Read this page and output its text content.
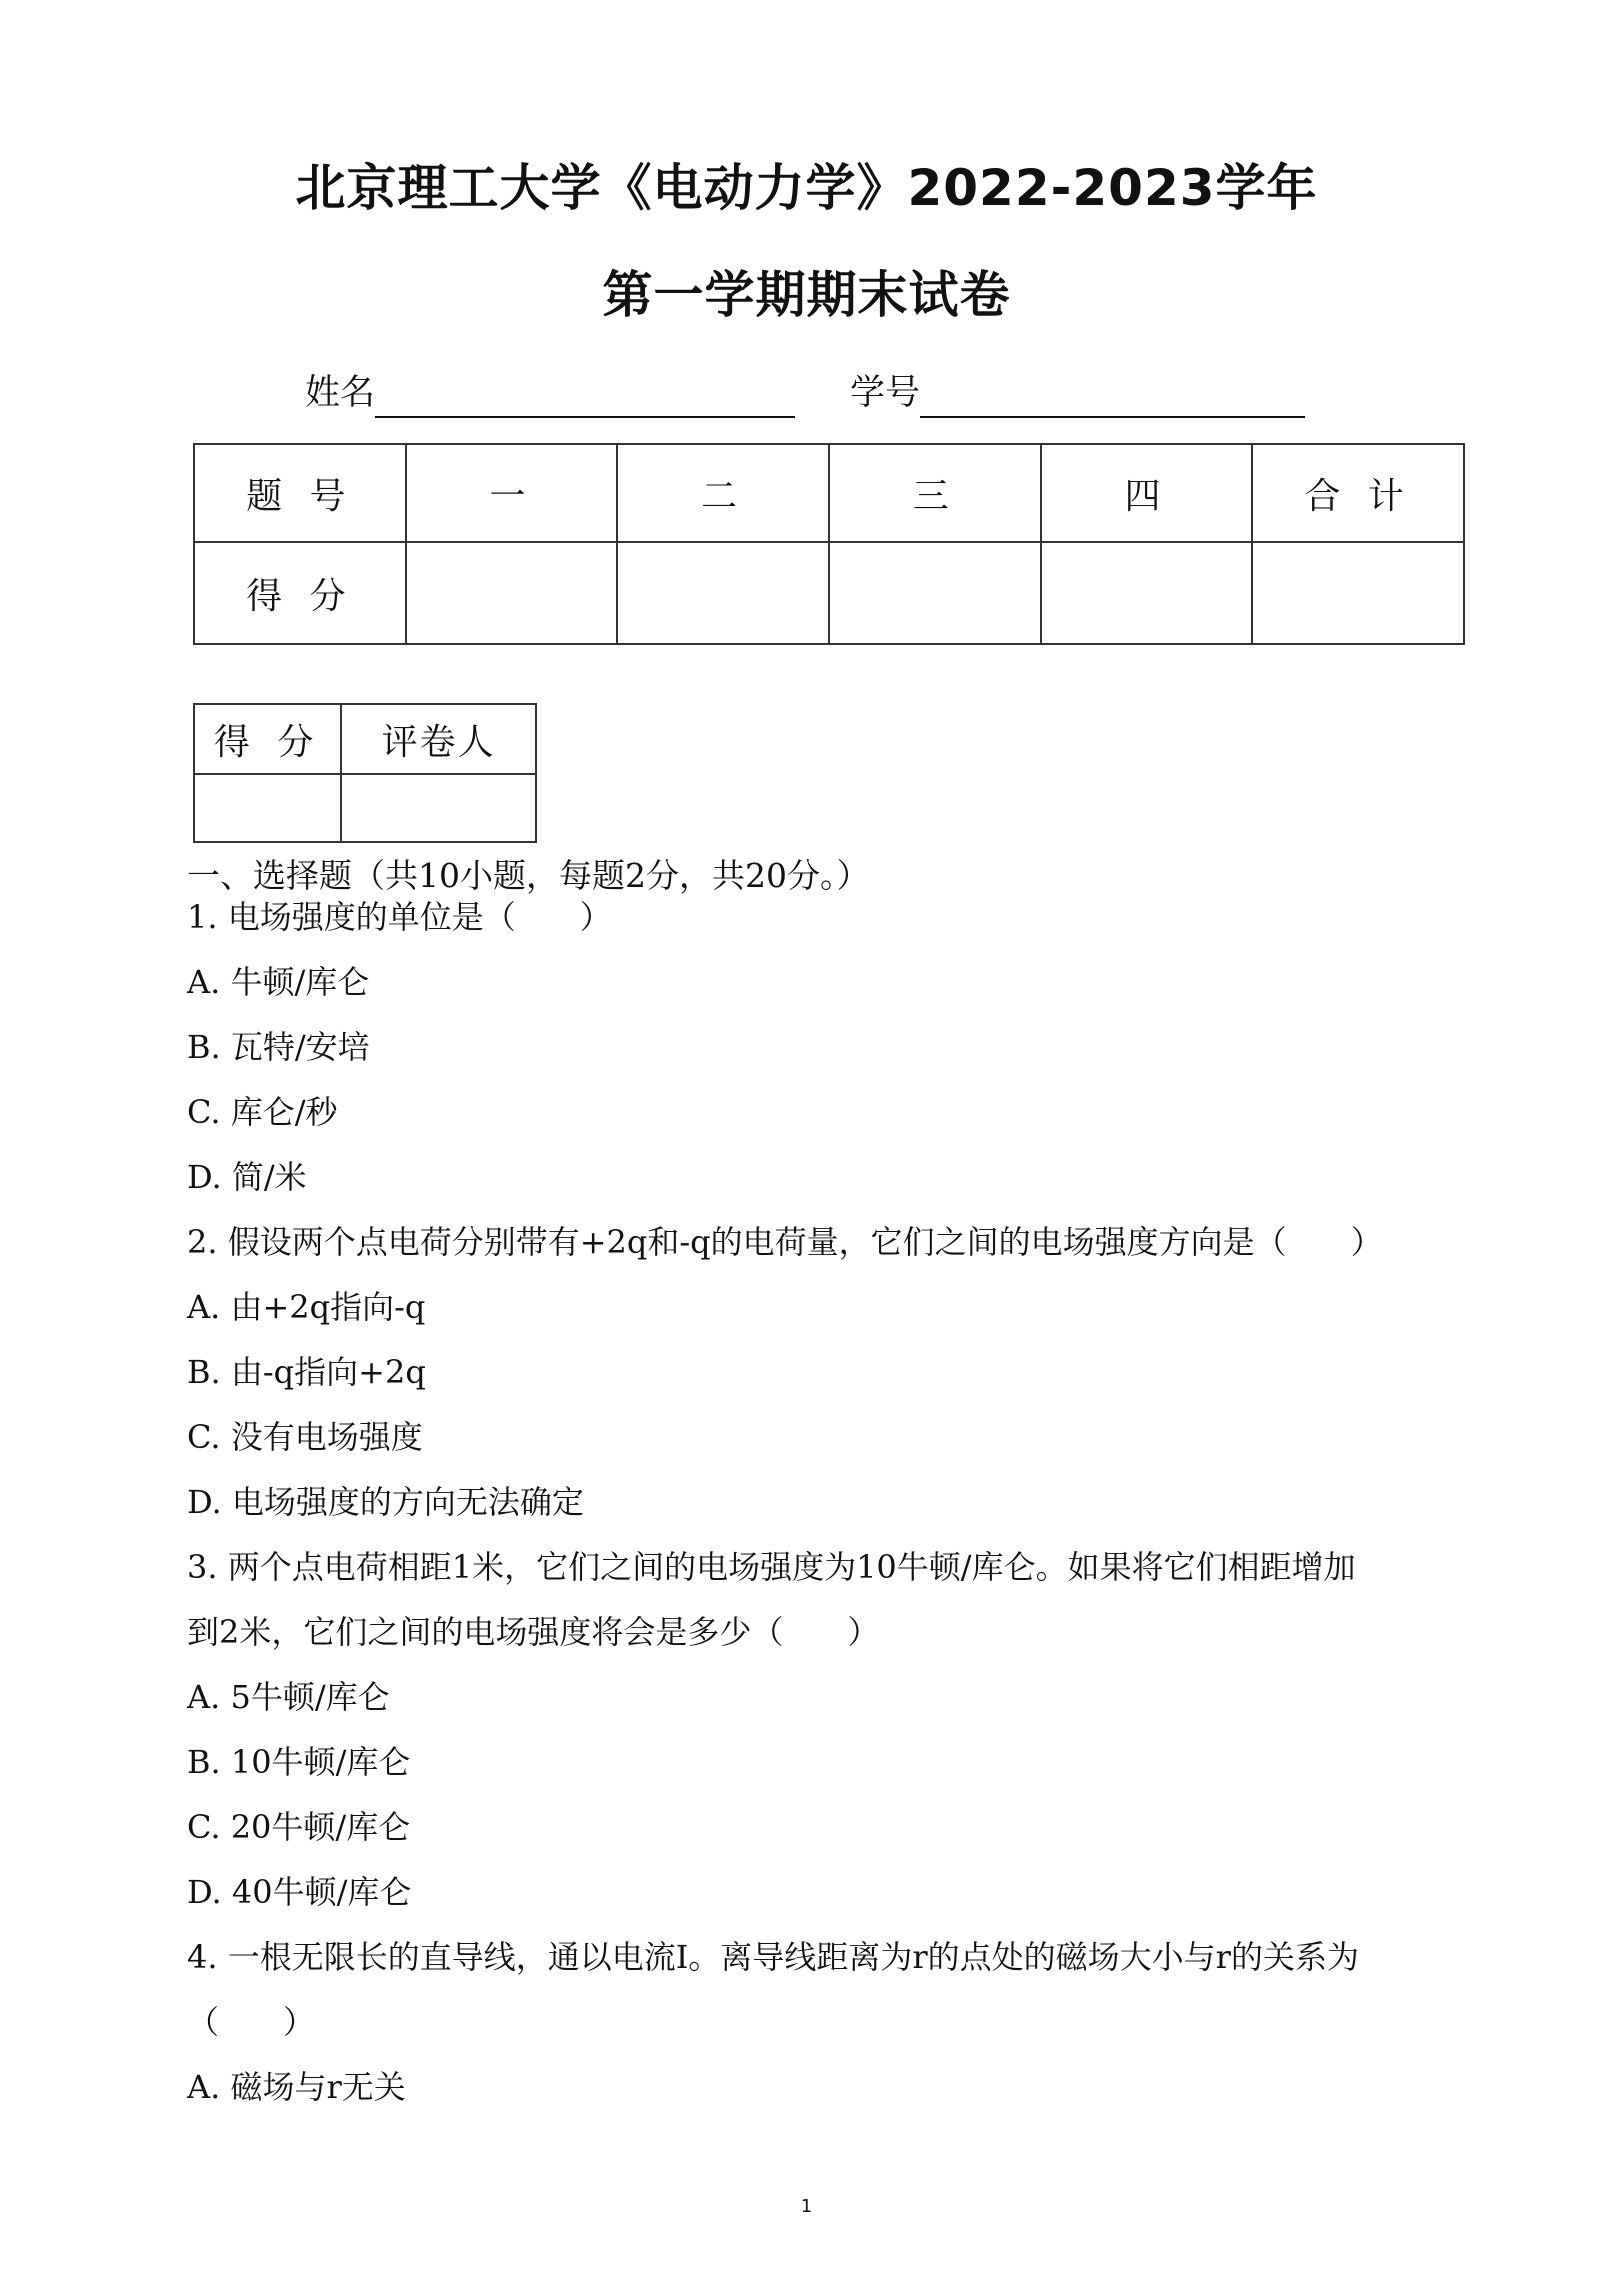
北京理工大学《电动力学》2022-2023学年
第一学期期末试卷
姓名	学号
题 号	一	二	三	四	合 计
得 分					
得 分	评卷人

一、选择题（共10小题，每题2分，共20分。）
1. 电场强度的单位是（　　）
A. 牛顿/库仑
B. 瓦特/安培
C. 库仑/秒
D. 简/米
2. 假设两个点电荷分别带有+2q和-q的电荷量，它们之间的电场强度方向是（　　）
A. 由+2q指向-q
B. 由-q指向+2q
C. 没有电场强度
D. 电场强度的方向无法确定
3. 两个点电荷相距1米，它们之间的电场强度为10牛顿/库仑。如果将它们相距增加
到2米，它们之间的电场强度将会是多少（　　）
A. 5牛顿/库仑
B. 10牛顿/库仑
C. 20牛顿/库仑
D. 40牛顿/库仑
4. 一根无限长的直导线，通以电流I。离导线距离为r的点处的磁场大小与r的关系为
（　　）
A. 磁场与r无关
1
